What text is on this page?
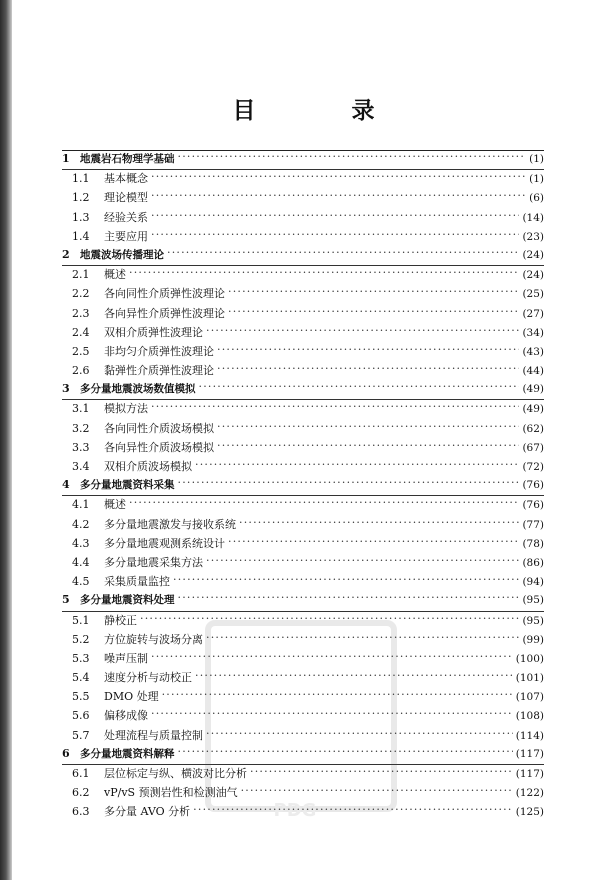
目 录
1 地震岩石物理学基础 ·····	(1)
1.1	基本概念 ·····	(1)
1.2	理论模型 ·····	(6)
1.3	经验关系 ·····	(14)
1.4	主要应用 ·····	(23)
2 地震波场传播理论 ·····	(24)
2.1	概述 ·····	(24)
2.2	各向同性介质弹性波理论 ·····	(25)
2.3	各向异性介质弹性波理论 ·····	(27)
2.4	双相介质弹性波理论 ·····	(34)
2.5	非均匀介质弹性波理论 ·····	(43)
2.6	黏弹性介质弹性波理论 ·····	(44)
3 多分量地震波场数值模拟 ·····	(49)
3.1	模拟方法 ·····	(49)
3.2	各向同性介质波场模拟 ·····	(62)
3.3	各向异性介质波场模拟 ·····	(67)
3.4	双相介质波场模拟 ·····	(72)
4 多分量地震资料采集 ·····	(76)
4.1	概述 ·····	(76)
4.2	多分量地震激发与接收系统 ·····	(77)
4.3	多分量地震观测系统设计 ·····	(78)
4.4	多分量地震采集方法 ·····	(86)
4.5	采集质量监控 ·····	(94)
5 多分量地震资料处理 ·····	(95)
5.1	静校正 ·····	(95)
5.2	方位旋转与波场分离 ·····	(99)
5.3	噪声压制 ·····	(100)
5.4	速度分析与动校正 ·····	(101)
5.5	DMO 处理 ·····	(107)
5.6	偏移成像 ·····	(108)
5.7	处理流程与质量控制 ·····	(114)
6 多分量地震资料解释 ·····	(117)
6.1	层位标定与纵、横波对比分析 ·····	(117)
6.2	vP/vS 预测岩性和检测油气 ·····	(122)
6.3	多分量 AVO 分析 ·····	(125)
PDG
